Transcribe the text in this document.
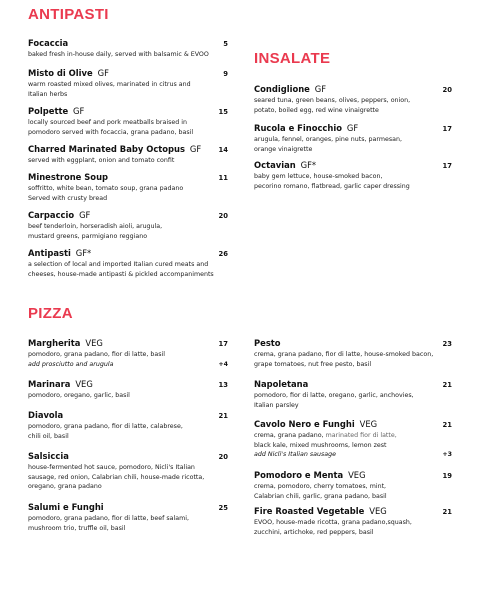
ANTIPASTI
Focaccia	5
baked fresh in-house daily, served with balsamic & EVOO
Misto di Olive GF	9
warm roasted mixed olives, marinated in citrus and
Italian herbs
Polpette GF	15
locally sourced beef and pork meatballs braised in
pomodoro served with focaccia, grana padano, basil
Charred Marinated Baby Octopus GF	14
served with eggplant, onion and tomato confit
Minestrone Soup	11
soffritto, white bean, tomato soup, grana padano
Served with crusty bread
Carpaccio GF	20
beef tenderloin, horseradish aioli, arugula,
mustard greens, parmigiano reggiano
Antipasti GF*	26
a selection of local and imported Italian cured meats and
cheeses, house-made antipasti & pickled accompaniments
INSALATE
Condiglione GF	20
seared tuna, green beans, olives, peppers, onion,
potato, boiled egg, red wine vinaigrette
Rucola e Finocchio GF	17
arugula, fennel, oranges, pine nuts, parmesan,
orange vinaigrette
Octavian GF*	17
baby gem lettuce, house-smoked bacon,
pecorino romano, flatbread, garlic caper dressing
PIZZA
Margherita VEG	17
pomodoro, grana padano, fior di latte, basil
add prosciutto and arugula	+4
Marinara VEG	13
pomodoro, oregano, garlic, basil
Diavola	21
pomodoro, grana padano, fior di latte, calabrese,
chili oil, basil
Salsiccia	20
house-fermented hot sauce, pomodoro, Nicli's Italian
sausage, red onion, Calabrian chili, house-made ricotta,
oregano, grana padano
Salumi e Funghi	25
pomodoro, grana padano, fior di latte, beef salami,
mushroom trio, truffle oil, basil
Pesto	23
crema, grana padano, fior di latte, house-smoked bacon,
grape tomatoes, nut free pesto, basil
Napoletana	21
pomodoro, fior di latte, oregano, garlic, anchovies,
Italian parsley
Cavolo Nero e Funghi VEG	21
crema, grana padano, marinated fior di latte,
black kale, mixed mushrooms, lemon zest
add Nicli's Italian sausage	+3
Pomodoro e Menta VEG	19
crema, pomodoro, cherry tomatoes, mint,
Calabrian chili, garlic, grana padano, basil
Fire Roasted Vegetable VEG	21
EVOO, house-made ricotta, grana padano,squash,
zucchini, artichoke, red peppers, basil
